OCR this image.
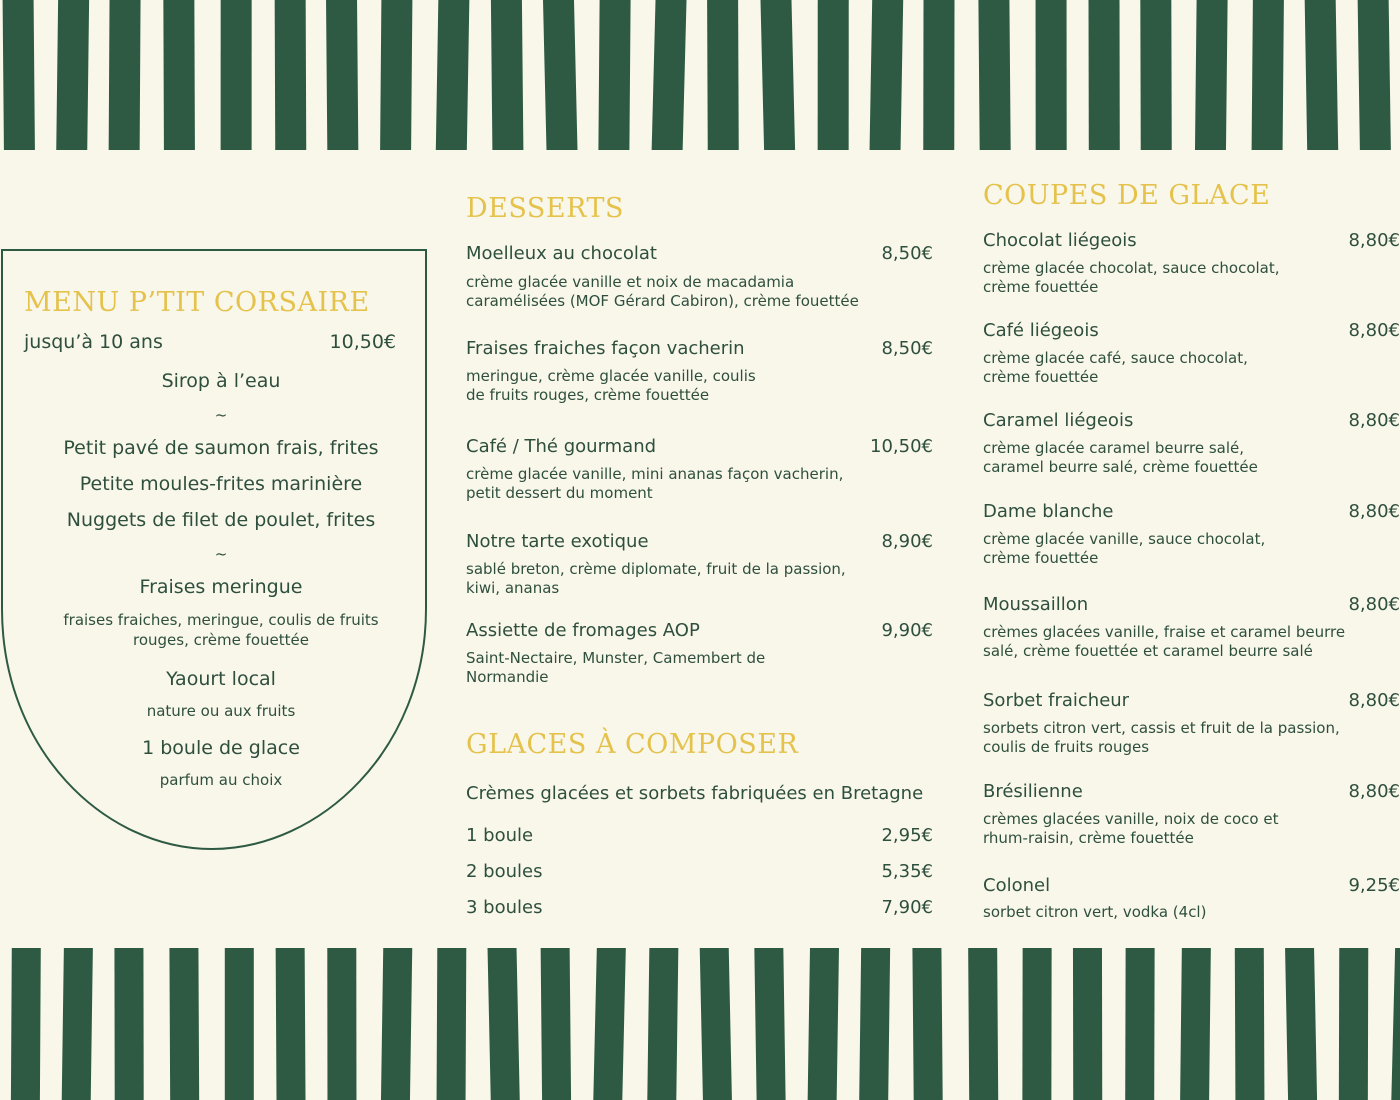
MENU P’TIT CORSAIRE
jusqu’à 10 ans	10,50€
Sirop à l’eau
~
Petit pavé de saumon frais, frites
Petite moules-frites marinière
Nuggets de filet de poulet, frites
~
Fraises meringue
fraises fraiches, meringue, coulis de fruits rouges, crème fouettée
Yaourt local
nature ou aux fruits
1 boule de glace
parfum au choix
DESSERTS
Moelleux au chocolat	8,50€
crème glacée vanille et noix de macadamia
caramélisées (MOF Gérard Cabiron), crème fouettée
Fraises fraiches façon vacherin	8,50€
meringue, crème glacée vanille, coulis
de fruits rouges, crème fouettée
Café / Thé gourmand	10,50€
crème glacée vanille, mini ananas façon vacherin,
petit dessert du moment
Notre tarte exotique	8,90€
sablé breton, crème diplomate, fruit de la passion,
kiwi, ananas
Assiette de fromages AOP	9,90€
Saint-Nectaire, Munster, Camembert de
Normandie
GLACES À COMPOSER
Crèmes glacées et sorbets fabriquées en Bretagne
1 boule	2,95€
2 boules	5,35€
3 boules	7,90€
COUPES DE GLACE
Chocolat liégeois	8,80€
crème glacée chocolat, sauce chocolat,
crème fouettée
Café liégeois	8,80€
crème glacée café, sauce chocolat,
crème fouettée
Caramel liégeois	8,80€
crème glacée caramel beurre salé,
caramel beurre salé, crème fouettée
Dame blanche	8,80€
crème glacée vanille, sauce chocolat,
crème fouettée
Moussaillon	8,80€
crèmes glacées vanille, fraise et caramel beurre
salé, crème fouettée et caramel beurre salé
Sorbet fraicheur	8,80€
sorbets citron vert, cassis et fruit de la passion,
coulis de fruits rouges
Brésilienne	8,80€
crèmes glacées vanille, noix de coco et
rhum-raisin, crème fouettée
Colonel	9,25€
sorbet citron vert, vodka (4cl)
